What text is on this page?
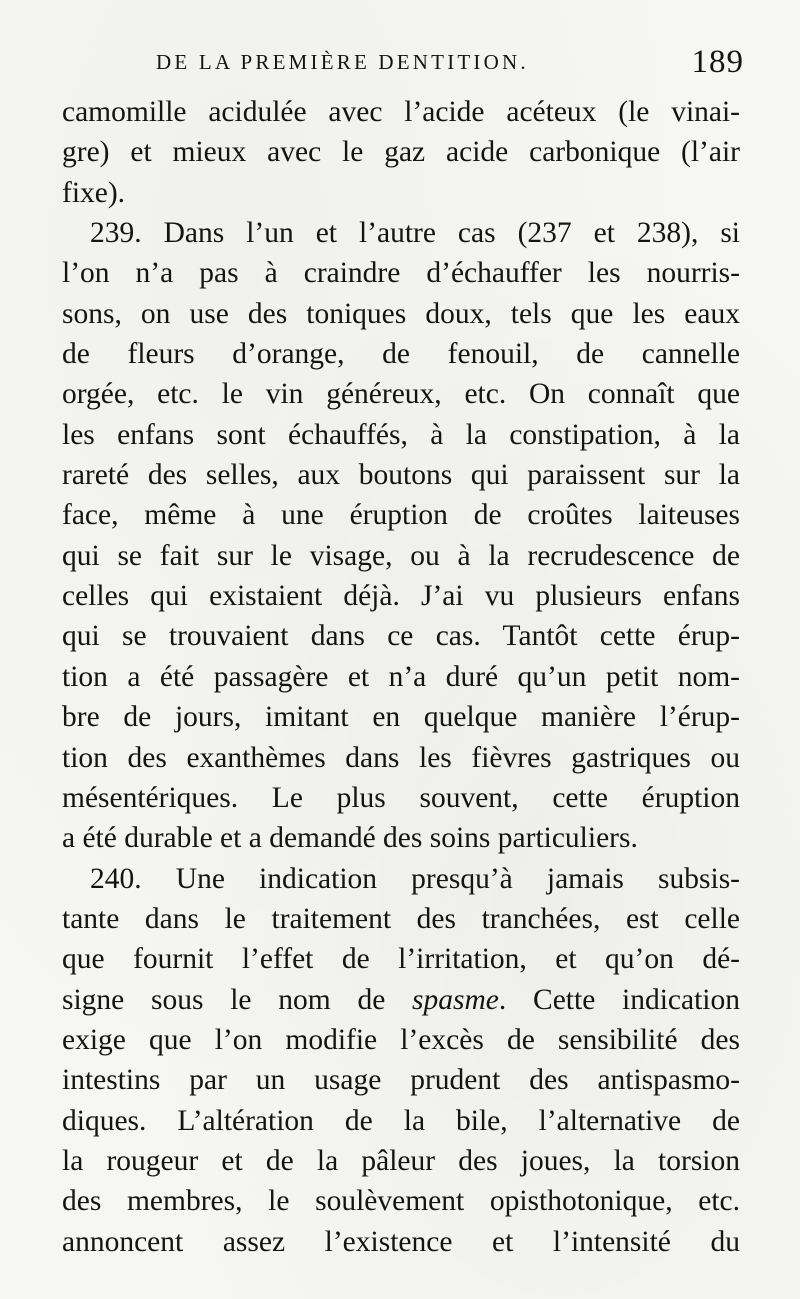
DE LA PREMIÈRE DENTITION.	189
camomille acidulée avec l’acide acéteux (le vinai-
gre) et mieux avec le gaz acide carbonique (l’air
fixe).
239. Dans l’un et l’autre cas (237 et 238), si
l’on n’a pas à craindre d’échauffer les nourris-
sons, on use des toniques doux, tels que les eaux
de fleurs d’orange, de fenouil, de cannelle
orgée, etc. le vin généreux, etc. On connaît que
les enfans sont échauffés, à la constipation, à la
rareté des selles, aux boutons qui paraissent sur la
face, même à une éruption de croûtes laiteuses
qui se fait sur le visage, ou à la recrudescence de
celles qui existaient déjà. J’ai vu plusieurs enfans
qui se trouvaient dans ce cas. Tantôt cette érup-
tion a été passagère et n’a duré qu’un petit nom-
bre de jours, imitant en quelque manière l’érup-
tion des exanthèmes dans les fièvres gastriques ou
mésentériques. Le plus souvent, cette éruption
a été durable et a demandé des soins particuliers.
240. Une indication presqu’à jamais subsis-
tante dans le traitement des tranchées, est celle
que fournit l’effet de l’irritation, et qu’on dé-
signe sous le nom de spasme. Cette indication
exige que l’on modifie l’excès de sensibilité des
intestins par un usage prudent des antispasmo-
diques. L’altération de la bile, l’alternative de
la rougeur et de la pâleur des joues, la torsion
des membres, le soulèvement opisthotonique, etc.
annoncent assez l’existence et l’intensité du
